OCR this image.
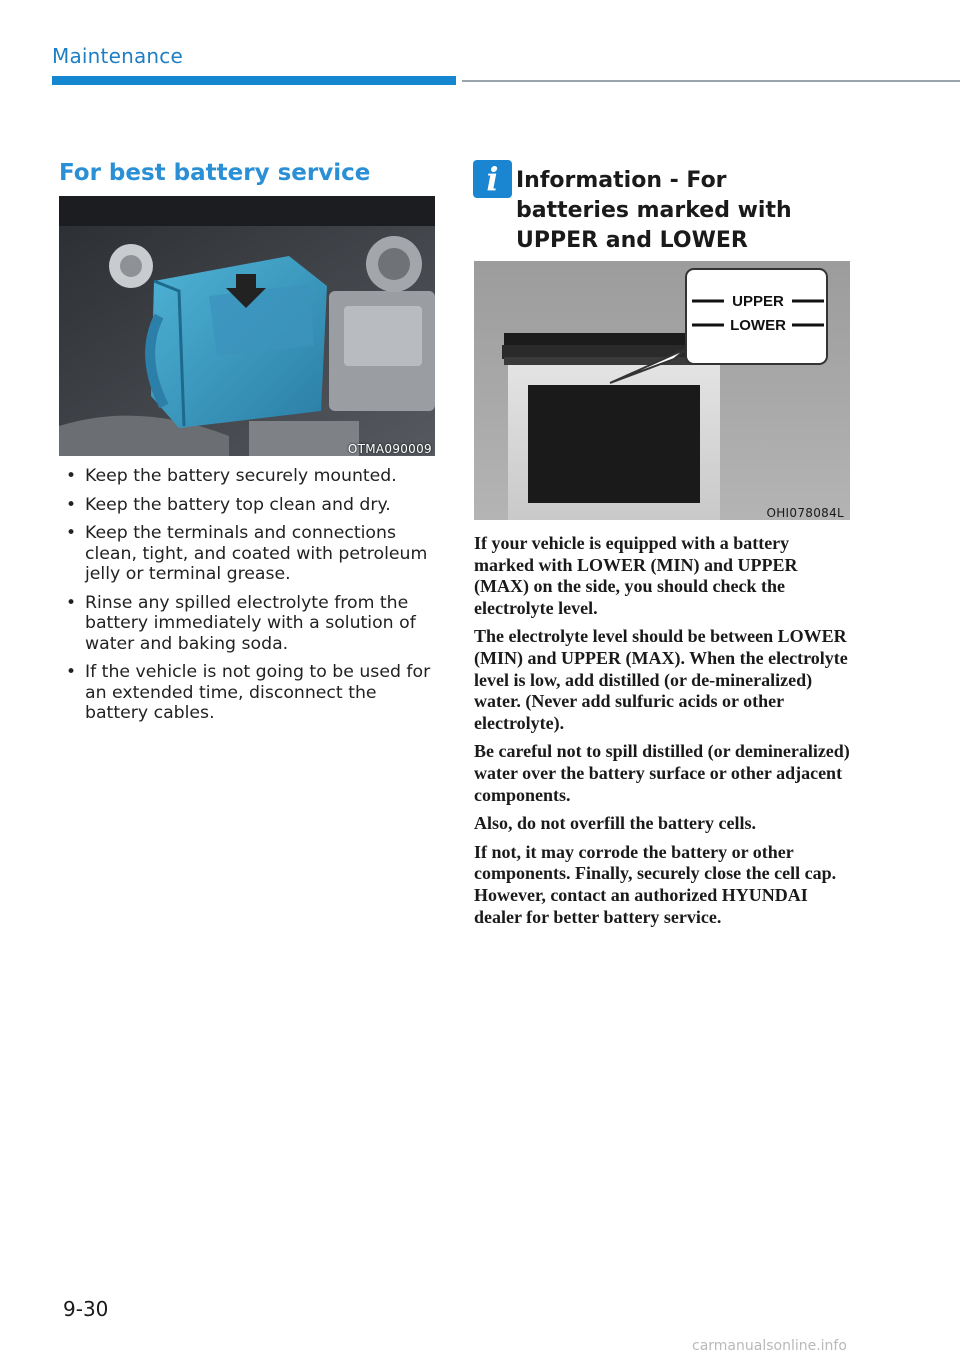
Maintenance
For best battery service
OTMA090009
• Keep the battery securely mounted.
• Keep the battery top clean and dry.
• Keep the terminals and connections clean, tight, and coated with petroleum jelly or terminal grease.
• Rinse any spilled electrolyte from the battery immediately with a solution of water and baking soda.
• If the vehicle is not going to be used for an extended time, disconnect the battery cables.
i Information - For batteries marked with UPPER and LOWER
UPPER
LOWER
OHI078084L

If your vehicle is equipped with a battery marked with LOWER (MIN) and UPPER (MAX) on the side, you should check the electrolyte level.

The electrolyte level should be between LOWER (MIN) and UPPER (MAX). When the electrolyte level is low, add distilled (or de-mineralized) water. (Never add sulfuric acids or other electrolyte).

Be careful not to spill distilled (or demineralized) water over the battery surface or other adjacent components.

Also, do not overfill the battery cells.

If not, it may corrode the battery or other components. Finally, securely close the cell cap. However, contact an authorized HYUNDAI dealer for better battery service.

9-30
carmanualsonline.info
